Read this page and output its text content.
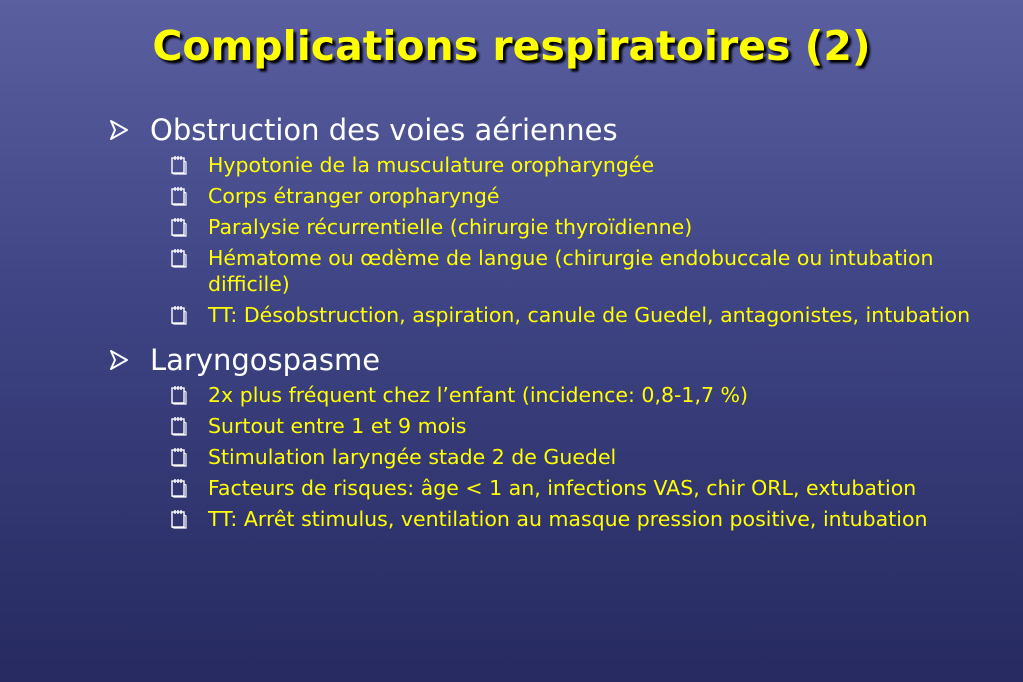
Complications respiratoires (2)
Obstruction des voies aériennes
Hypotonie de la musculature oropharyngée
Corps étranger oropharyngé
Paralysie récurrentielle (chirurgie thyroïdienne)
Hématome ou œdème de langue (chirurgie endobuccale ou intubation difficile)
TT: Désobstruction, aspiration, canule de Guedel, antagonistes, intubation
Laryngospasme
2x plus fréquent chez l’enfant (incidence: 0,8-1,7 %)
Surtout entre 1 et 9 mois
Stimulation laryngée stade 2 de Guedel
Facteurs de risques: âge < 1 an, infections VAS, chir ORL, extubation
TT: Arrêt stimulus, ventilation au masque pression positive, intubation
